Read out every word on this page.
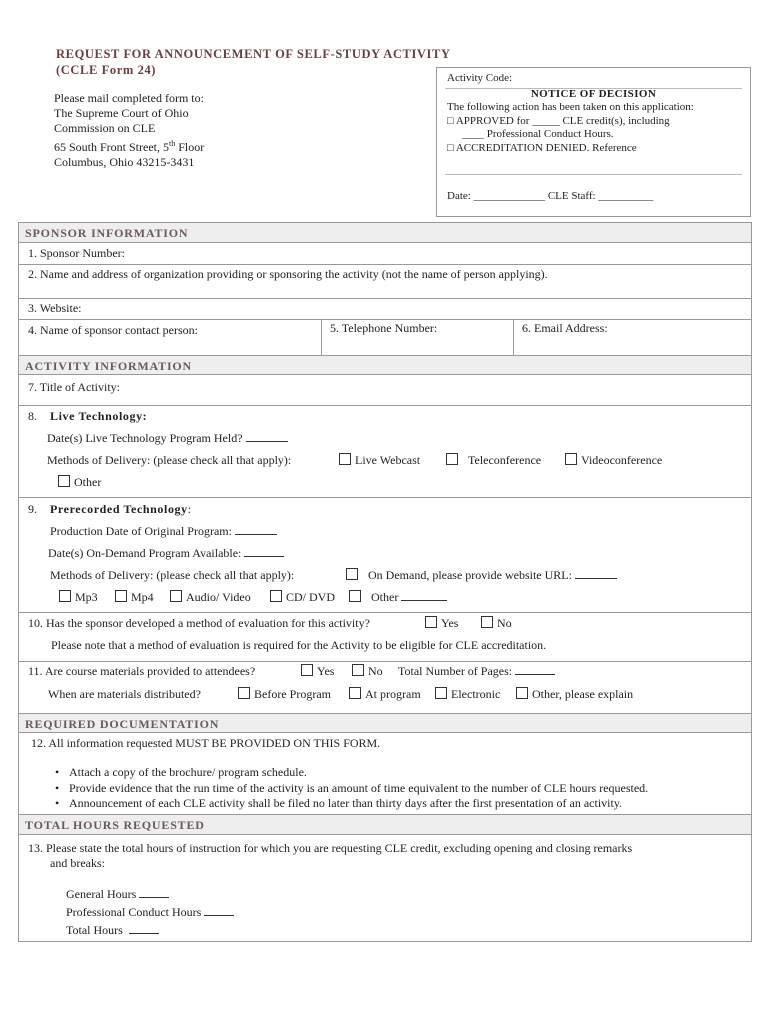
REQUEST FOR ANNOUNCEMENT OF SELF-STUDY ACTIVITY
(CCLE Form 24)
Please mail completed form to:
The Supreme Court of Ohio
Commission on CLE
65 South Front Street, 5th Floor
Columbus, Ohio 43215-3431
Activity Code:
NOTICE OF DECISION
The following action has been taken on this application:
□ APPROVED for _____ CLE credit(s), including
____ Professional Conduct Hours.
□ ACCREDITATION DENIED. Reference
Date: _____________ CLE Staff: __________
SPONSOR INFORMATION
1. Sponsor Number:
2. Name and address of organization providing or sponsoring the activity (not the name of person applying).
3. Website:
4. Name of sponsor contact person:	5. Telephone Number:	6. Email Address:
ACTIVITY INFORMATION
7. Title of Activity:
8. Live Technology:
Date(s) Live Technology Program Held?
Methods of Delivery: (please check all that apply):	Live Webcast	Teleconference	Videoconference
Other
9. Prerecorded Technology:
Production Date of Original Program:
Date(s) On-Demand Program Available:
Methods of Delivery: (please check all that apply):	On Demand, please provide website URL:
Mp3	Mp4	Audio/ Video	CD/ DVD	Other
10. Has the sponsor developed a method of evaluation for this activity?	Yes	No
Please note that a method of evaluation is required for the Activity to be eligible for CLE accreditation.
11. Are course materials provided to attendees?	Yes	No Total Number of Pages:
When are materials distributed?	Before Program	At program	Electronic	Other, please explain
REQUIRED DOCUMENTATION
12. All information requested MUST BE PROVIDED ON THIS FORM.
• Attach a copy of the brochure/ program schedule.
• Provide evidence that the run time of the activity is an amount of time equivalent to the number of CLE hours requested.
• Announcement of each CLE activity shall be filed no later than thirty days after the first presentation of an activity.
TOTAL HOURS REQUESTED
13. Please state the total hours of instruction for which you are requesting CLE credit, excluding opening and closing remarks
and breaks:
General Hours
Professional Conduct Hours
Total Hours
